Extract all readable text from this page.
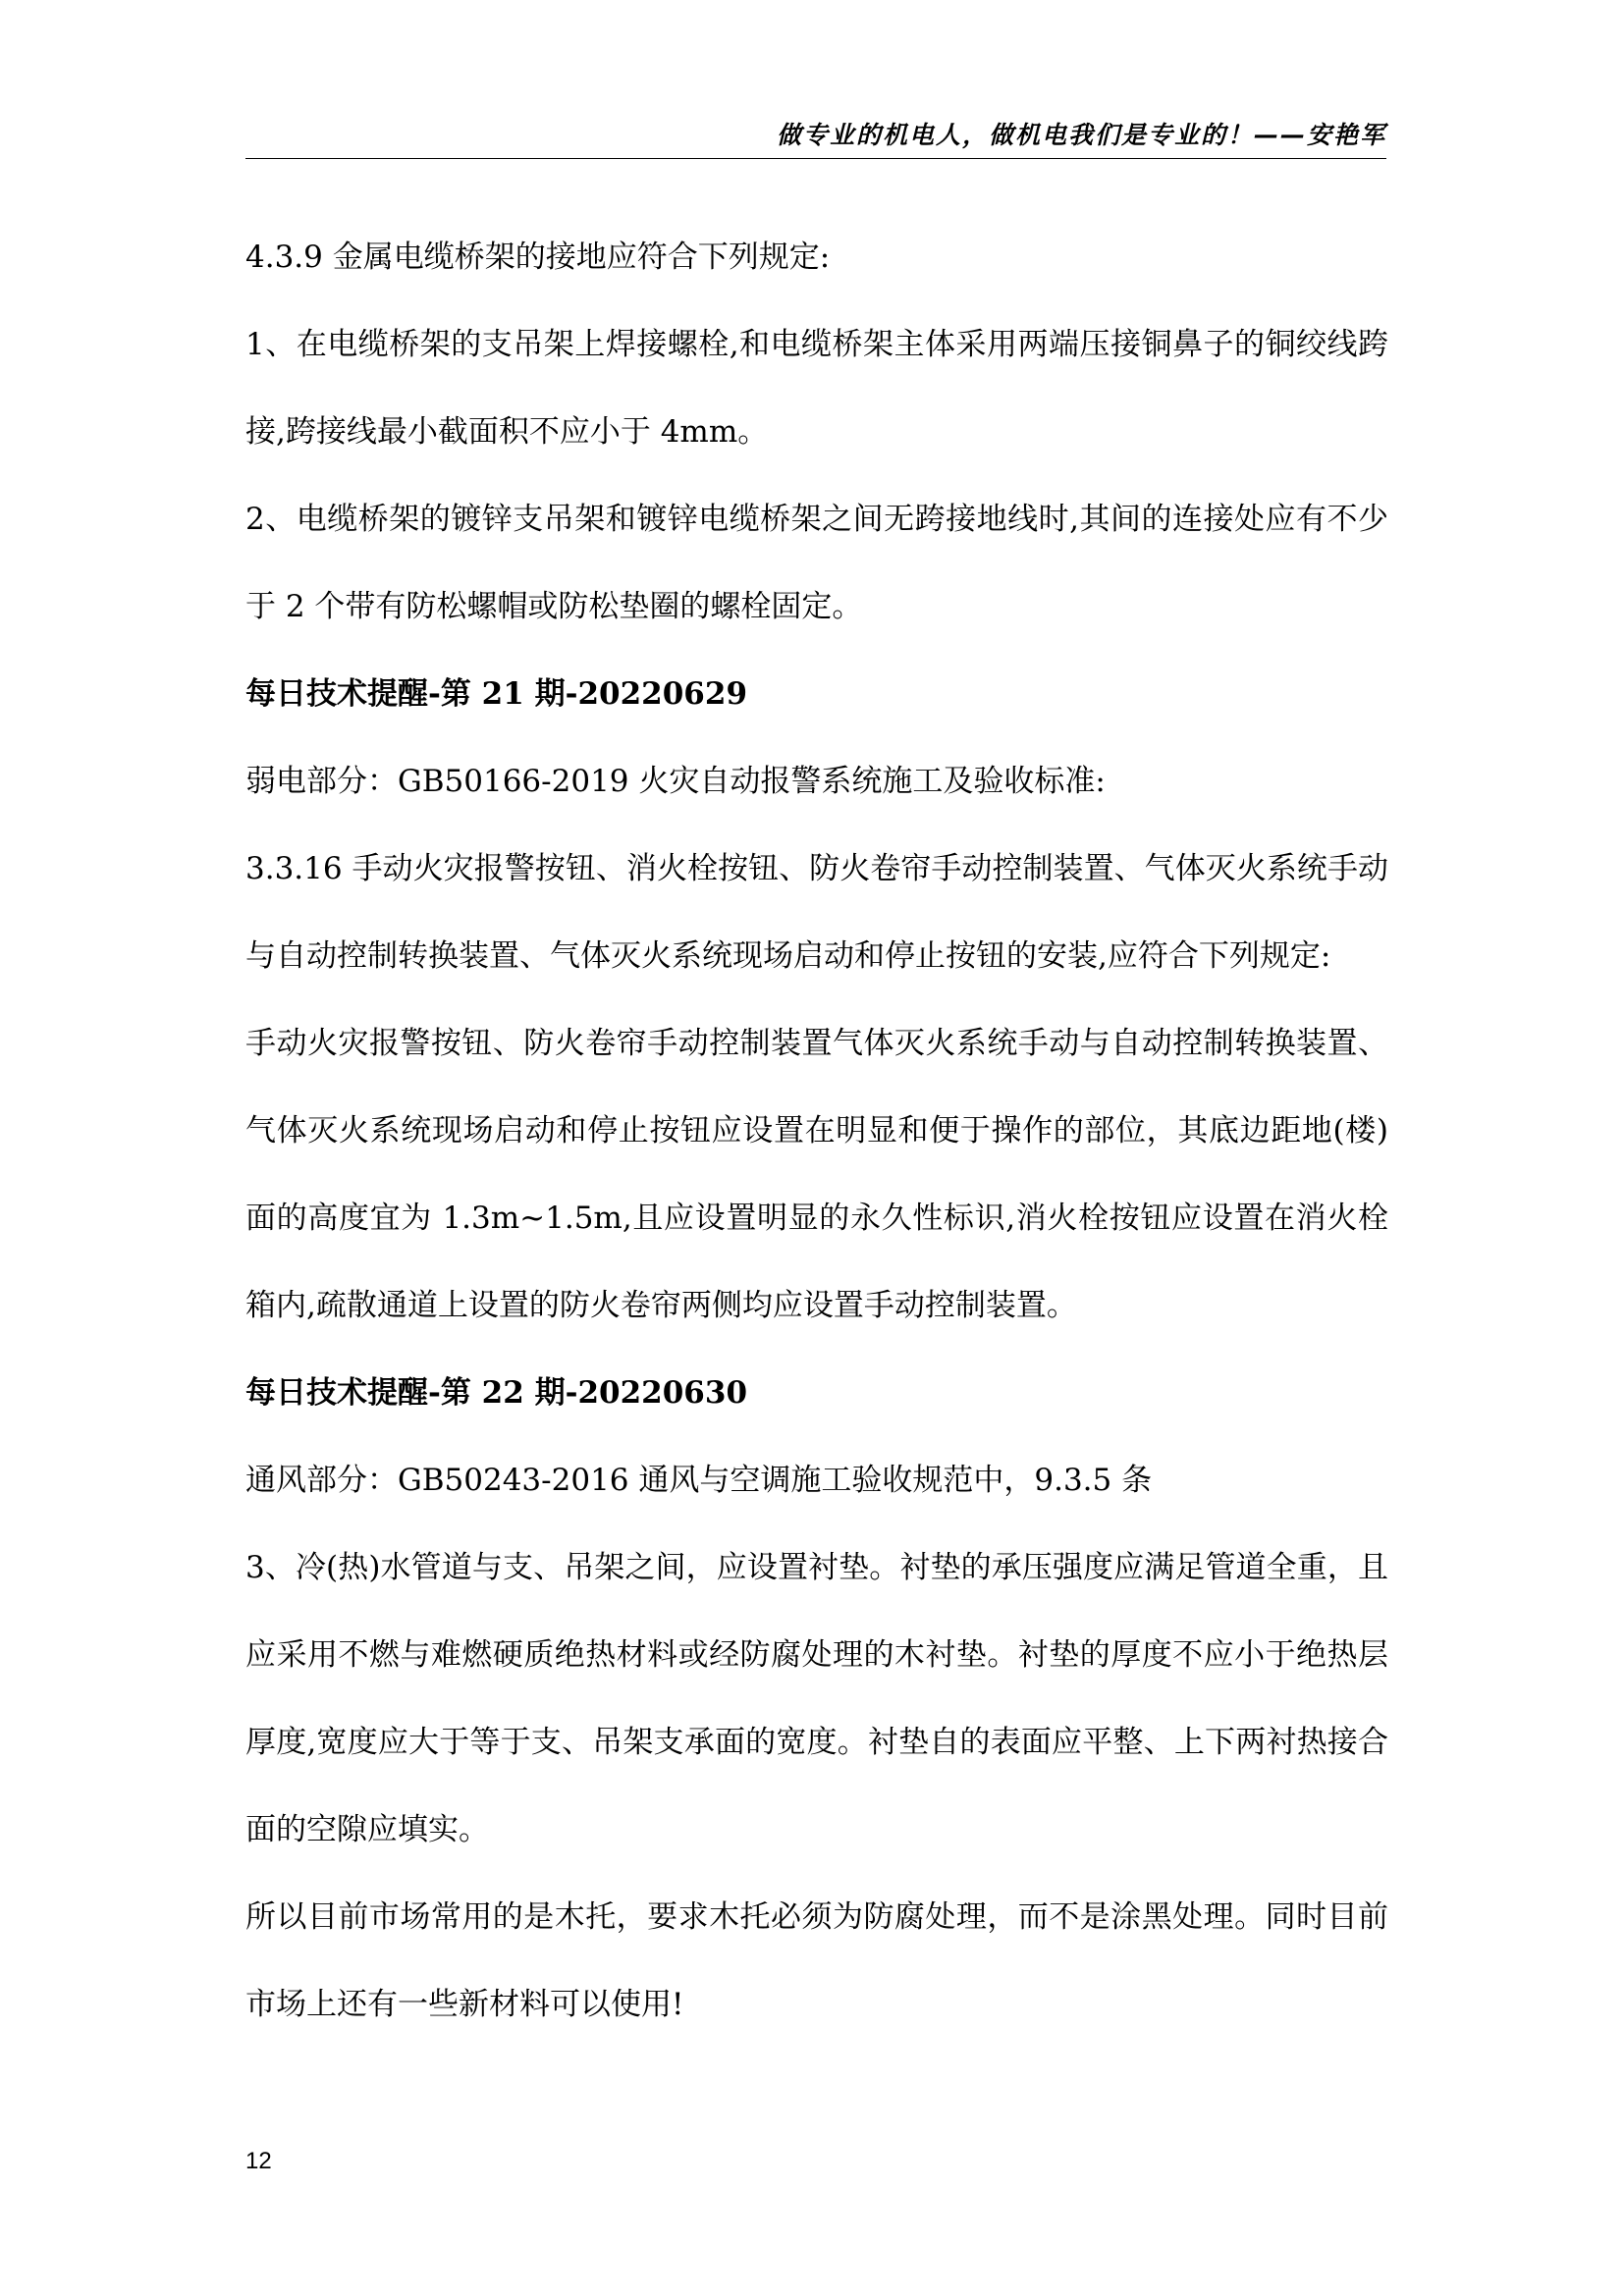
做专业的机电人，做机电我们是专业的！——安艳军

4.3.9 金属电缆桥架的接地应符合下列规定:

1、在电缆桥架的支吊架上焊接螺栓,和电缆桥架主体采用两端压接铜鼻子的铜绞线跨接,跨接线最小截面积不应小于 4mm。

2、电缆桥架的镀锌支吊架和镀锌电缆桥架之间无跨接地线时,其间的连接处应有不少于 2 个带有防松螺帽或防松垫圈的螺栓固定。

每日技术提醒-第 21 期-20220629

弱电部分：GB50166-2019 火灾自动报警系统施工及验收标准:

3.3.16 手动火灾报警按钮、消火栓按钮、防火卷帘手动控制装置、气体灭火系统手动与自动控制转换装置、气体灭火系统现场启动和停止按钮的安装,应符合下列规定:

手动火灾报警按钮、防火卷帘手动控制装置气体灭火系统手动与自动控制转换装置、气体灭火系统现场启动和停止按钮应设置在明显和便于操作的部位，其底边距地(楼)面的高度宜为 1.3m~1.5m,且应设置明显的永久性标识,消火栓按钮应设置在消火栓箱内,疏散通道上设置的防火卷帘两侧均应设置手动控制装置。

每日技术提醒-第 22 期-20220630

通风部分：GB50243-2016 通风与空调施工验收规范中，9.3.5 条

3、冷(热)水管道与支、吊架之间，应设置衬垫。衬垫的承压强度应满足管道全重，且应采用不燃与难燃硬质绝热材料或经防腐处理的木衬垫。衬垫的厚度不应小于绝热层厚度,宽度应大于等于支、吊架支承面的宽度。衬垫自的表面应平整、上下两衬热接合面的空隙应填实。

所以目前市场常用的是木托，要求木托必须为防腐处理，而不是涂黑处理。同时目前市场上还有一些新材料可以使用!

12
